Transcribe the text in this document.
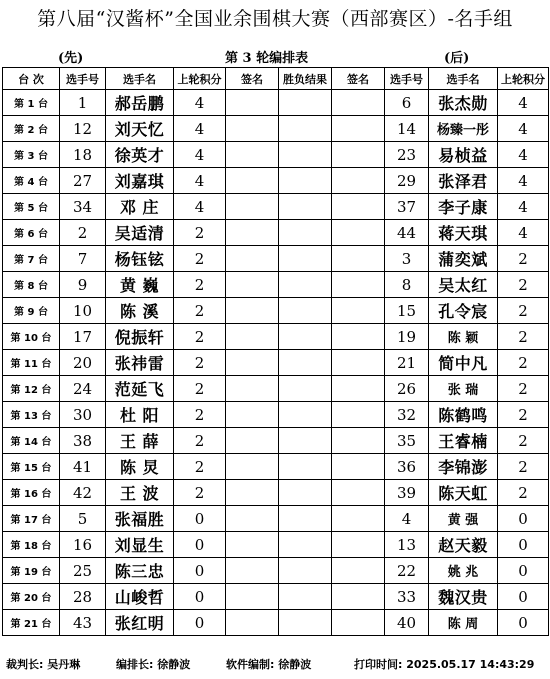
第八届“汉酱杯”全国业余围棋大赛（西部赛区）-名手组
(先)	第 3 轮编排表	(后)
台 次	选手号	选手名	上轮积分	签名	胜负结果	签名	选手号	选手名	上轮积分
第 1 台	1	郝岳鹏	4				6	张杰勋	4
第 2 台	12	刘天忆	4				14	杨臻一彤	4
第 3 台	18	徐英才	4				23	易桢益	4
第 4 台	27	刘嘉琪	4				29	张泽君	4
第 5 台	34	邓 庄	4				37	李子康	4
第 6 台	2	吴适清	2				44	蒋天琪	4
第 7 台	7	杨钰铉	2				3	蒲奕斌	2
第 8 台	9	黄 巍	2				8	吴太红	2
第 9 台	10	陈 溪	2				15	孔令宸	2
第 10 台	17	倪振轩	2				19	陈 颖	2
第 11 台	20	张祎雷	2				21	简中凡	2
第 12 台	24	范延飞	2				26	张 瑞	2
第 13 台	30	杜 阳	2				32	陈鹤鸣	2
第 14 台	38	王 薛	2				35	王睿楠	2
第 15 台	41	陈 炅	2				36	李锦澎	2
第 16 台	42	王 波	2				39	陈天虹	2
第 17 台	5	张福胜	0				4	黄 强	0
第 18 台	16	刘显生	0				13	赵天毅	0
第 19 台	25	陈三忠	0				22	姚 兆	0
第 20 台	28	山峻哲	0				33	魏汉贵	0
第 21 台	43	张红明	0				40	陈 周	0
裁判长: 吴丹琳	编排长: 徐静波	软件编制: 徐静波	打印时间: 2025.05.17 14:43:29
